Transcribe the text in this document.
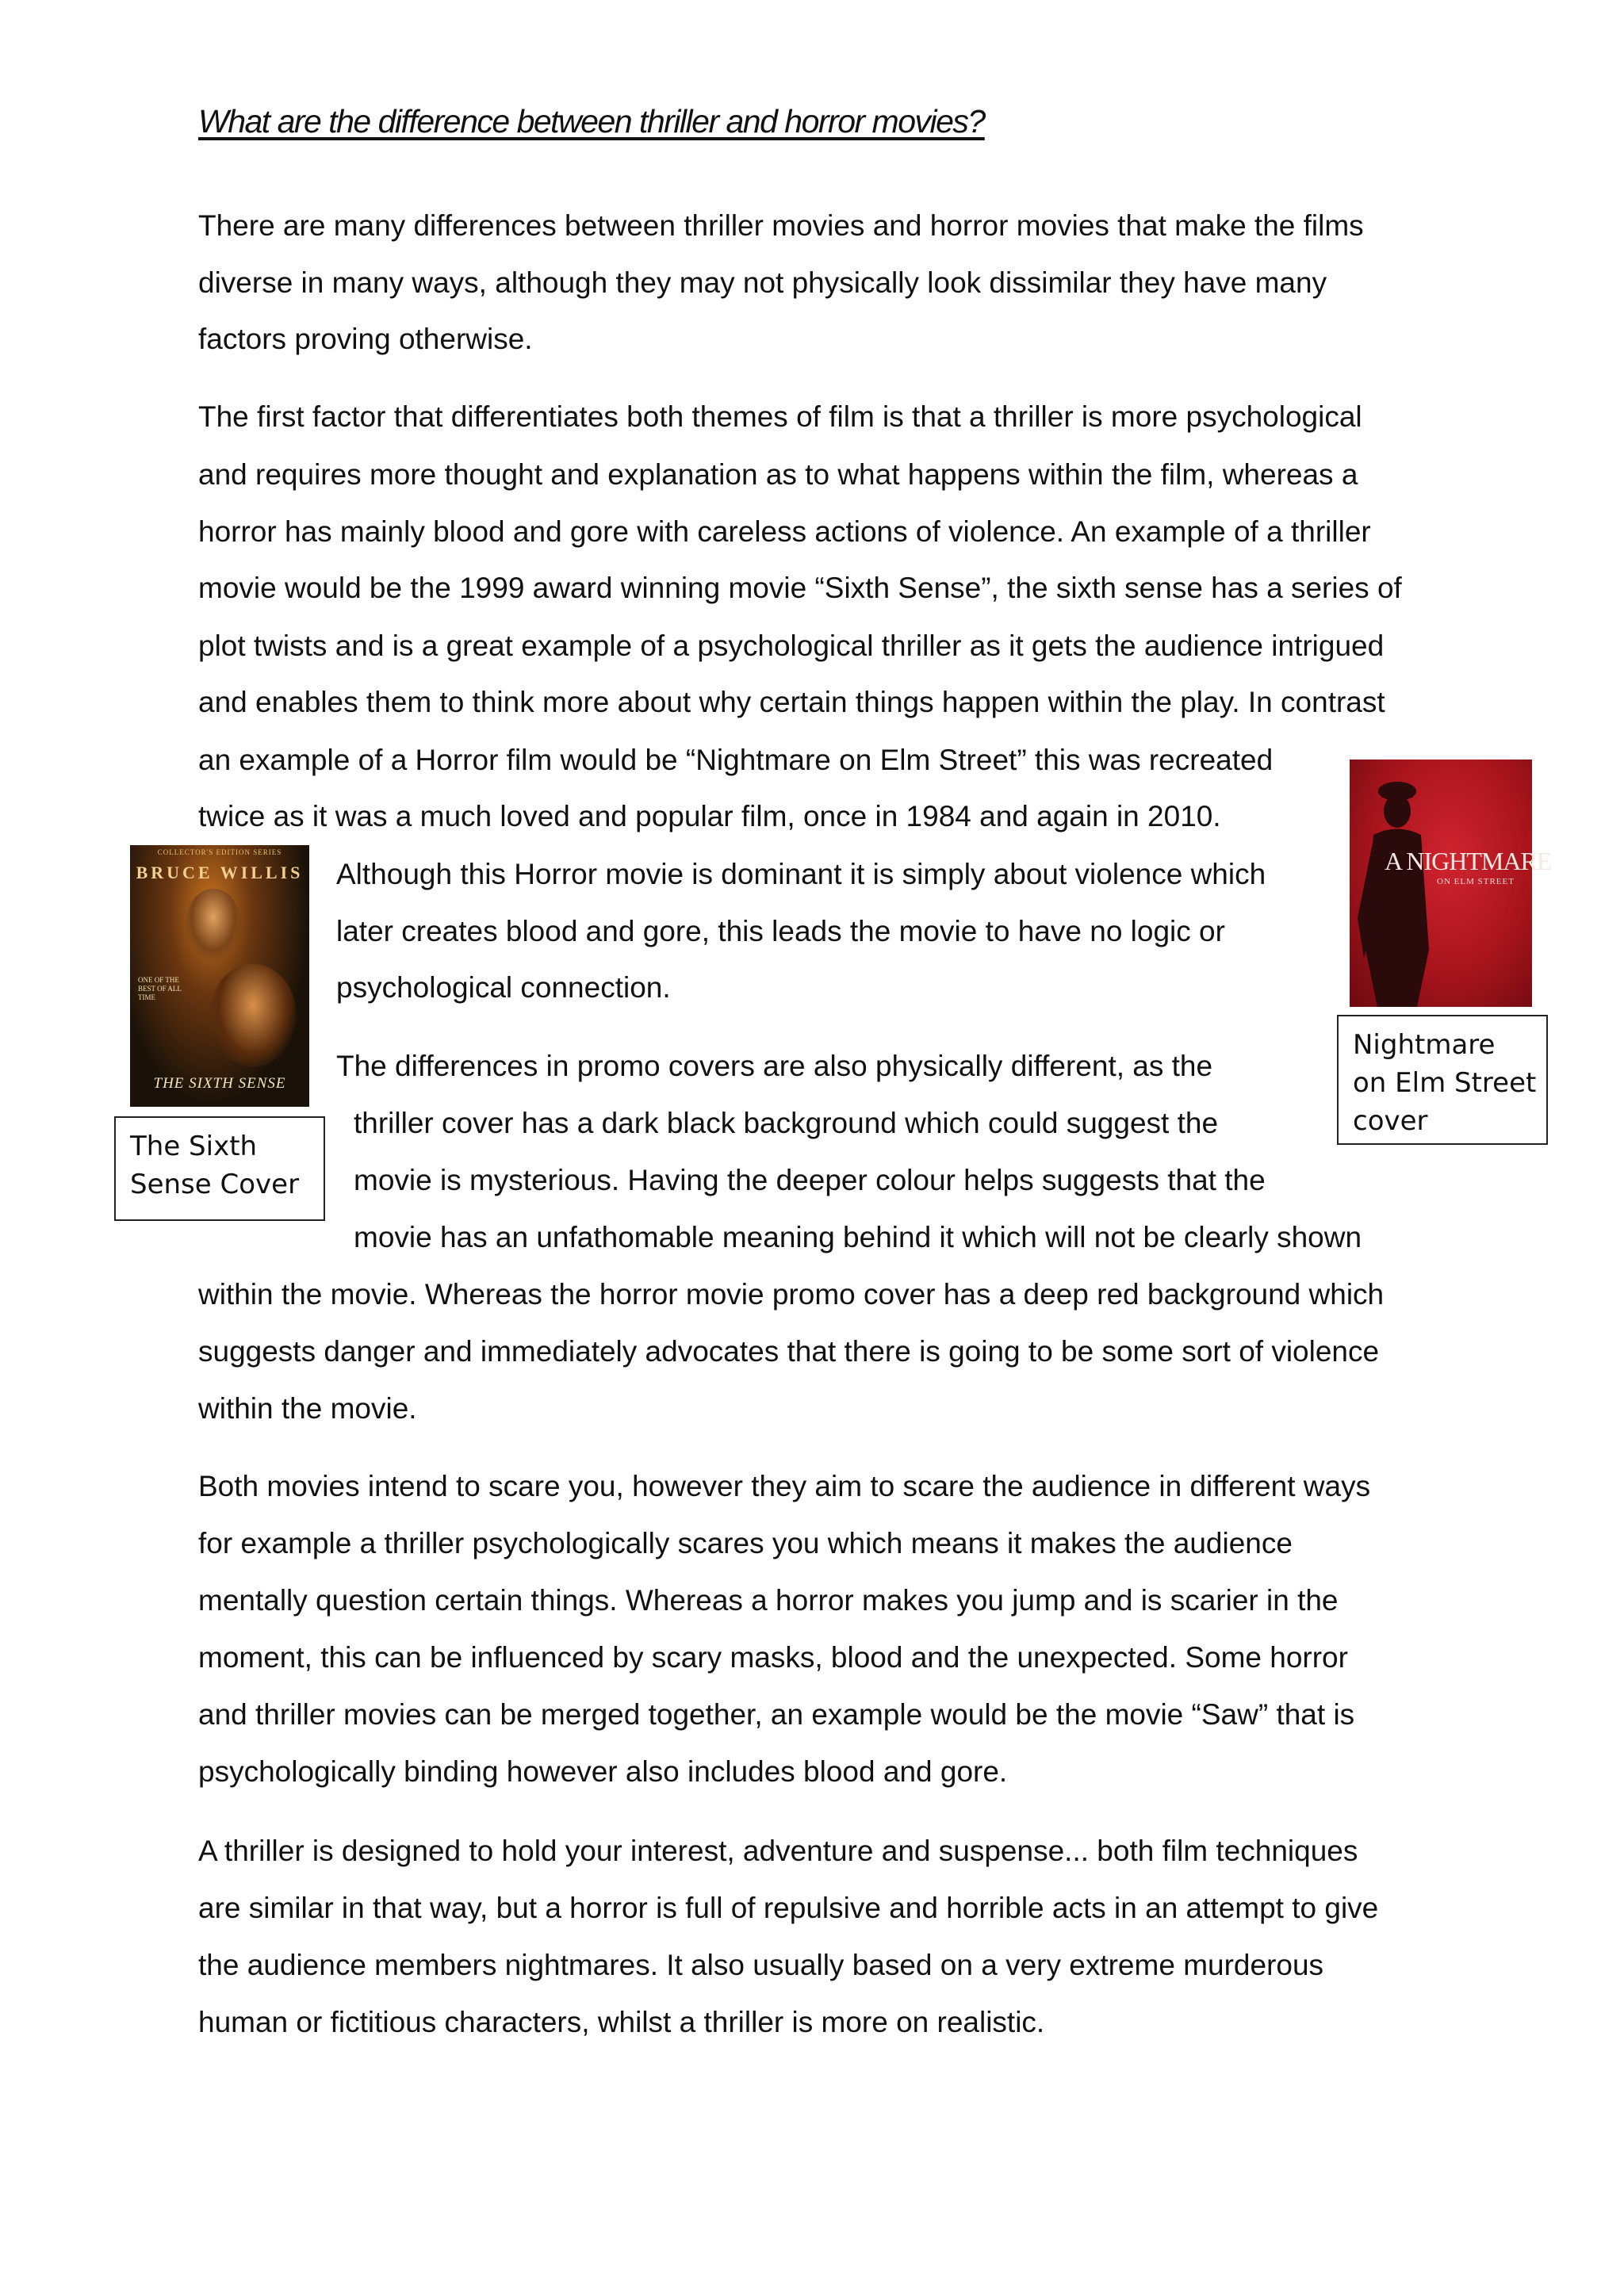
What are the difference between thriller and horror movies?
There are many differences between thriller movies and horror movies that make the films
diverse in many ways, although they may not physically look dissimilar they have many
factors proving otherwise.
The first factor that differentiates both themes of film is that a thriller is more psychological
and requires more thought and explanation as to what happens within the film, whereas a
horror has mainly blood and gore with careless actions of violence. An example of a thriller
movie would be the 1999 award winning movie “Sixth Sense”, the sixth sense has a series of
plot twists and is a great example of a psychological thriller as it gets the audience intrigued
and enables them to think more about why certain things happen within the play. In contrast
an example of a Horror film would be “Nightmare on Elm Street” this was recreated
twice as it was a much loved and popular film, once in 1984 and again in 2010.
Although this Horror movie is dominant it is simply about violence which
later creates blood and gore, this leads the movie to have no logic or
psychological connection.
The differences in promo covers are also physically different, as the
thriller cover has a dark black background which could suggest the
movie is mysterious. Having the deeper colour helps suggests that the
movie has an unfathomable meaning behind it which will not be clearly shown
within the movie. Whereas the horror movie promo cover has a deep red background which
suggests danger and immediately advocates that there is going to be some sort of violence
within the movie.
Both movies intend to scare you, however they aim to scare the audience in different ways
for example a thriller psychologically scares you which means it makes the audience
mentally question certain things. Whereas a horror makes you jump and is scarier in the
moment, this can be influenced by scary masks, blood and the unexpected. Some horror
and thriller movies can be merged together, an example would be the movie “Saw” that is
psychologically binding however also includes blood and gore.
A thriller is designed to hold your interest, adventure and suspense... both film techniques
are similar in that way, but a horror is full of repulsive and horrible acts in an attempt to give
the audience members nightmares. It also usually based on a very extreme murderous
human or fictitious characters, whilst a thriller is more on realistic.
COLLECTOR'S EDITION SERIES
BRUCE WILLIS
ONE OF THE BEST OF ALL TIME
THE SIXTH SENSE
The Sixth
Sense Cover
A NIGHTMARE
ON ELM STREET
Nightmare
on Elm Street
cover
